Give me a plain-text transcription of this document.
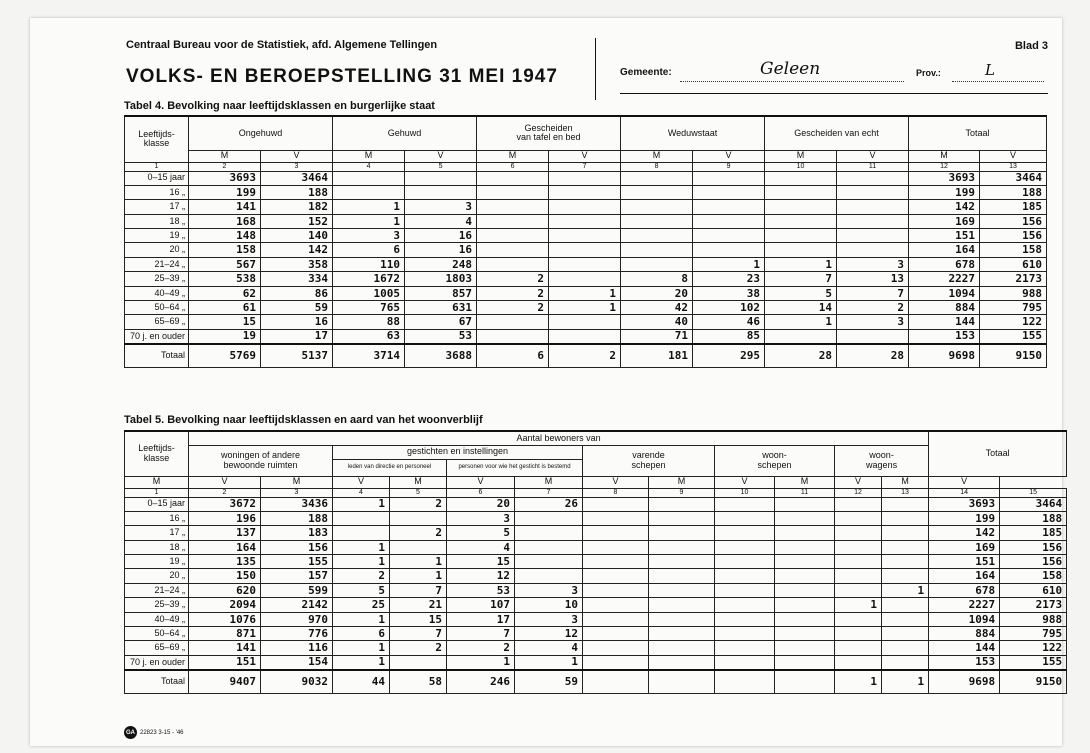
Centraal Bureau voor de Statistiek, afd. Algemene Tellingen
VOLKS- EN BEROEPSTELLING 31 MEI 1947
Blad 3
Gemeente:	Geleen	Prov.:	L
Tabel 4. Bevolking naar leeftijdsklassen en burgerlijke staat
Leeftijds-
klasse	Ongehuwd		Gehuwd		Gescheiden
van tafel en bed		Weduwstaat		Gescheiden van echt		Totaal	
	M	V	M	V	M	V	M	V	M	V	M	V
1	2	3	4	5	6	7	8	9	10	11	12	13
0–15 jaar	3693	3464									3693	3464
16 „	199	188									199	188
17 „	141	182	1	3							142	185
18 „	168	152	1	4							169	156
19 „	148	140	3	16							151	156
20 „	158	142	6	16							164	158
21–24 „	567	358	110	248				1	1	3	678	610
25–39 „	538	334	1672	1803	2		8	23	7	13	2227	2173
40–49 „	62	86	1005	857	2	1	20	38	5	7	1094	988
50–64 „	61	59	765	631	2	1	42	102	14	2	884	795
65–69 „	15	16	88	67			40	46	1	3	144	122
70 j. en ouder	19	17	63	53			71	85			153	155
Totaal	5769	5137	3714	3688	6	2	181	295	28	28	9698	9150
Tabel 5. Bevolking naar leeftijdsklassen en aard van het woonverblijf
Leeftijds-
klasse	Aantal bewoners van												Totaal	
	woningen of andere
bewoonde ruimten		gestichten en instellingen				varende
schepen		woon-
schepen		woon-
wagens			
			leden van directie en personeel		personen voor wie het gesticht is bestemd									
M	V	M	V	M	V	M	V	M	V	M	V	M	V	
1	2	3	4	5	6	7	8	9	10	11	12	13	14	15
0–15 jaar	3672	3436	1	2	20	26							3693	3464
16 „	196	188			3								199	188
17 „	137	183		2	5								142	185
18 „	164	156	1		4								169	156
19 „	135	155	1	1	15								151	156
20 „	150	157	2	1	12								164	158
21–24 „	620	599	5	7	53	3						1	678	610
25–39 „	2094	2142	25	21	107	10					1		2227	2173
40–49 „	1076	970	1	15	17	3							1094	988
50–64 „	871	776	6	7	7	12							884	795
65–69 „	141	116	1	2	2	4							144	122
70 j. en ouder	151	154	1		1	1							153	155
Totaal	9407	9032	44	58	246	59					1	1	9698	9150
GA 22823 3-15 - '46
